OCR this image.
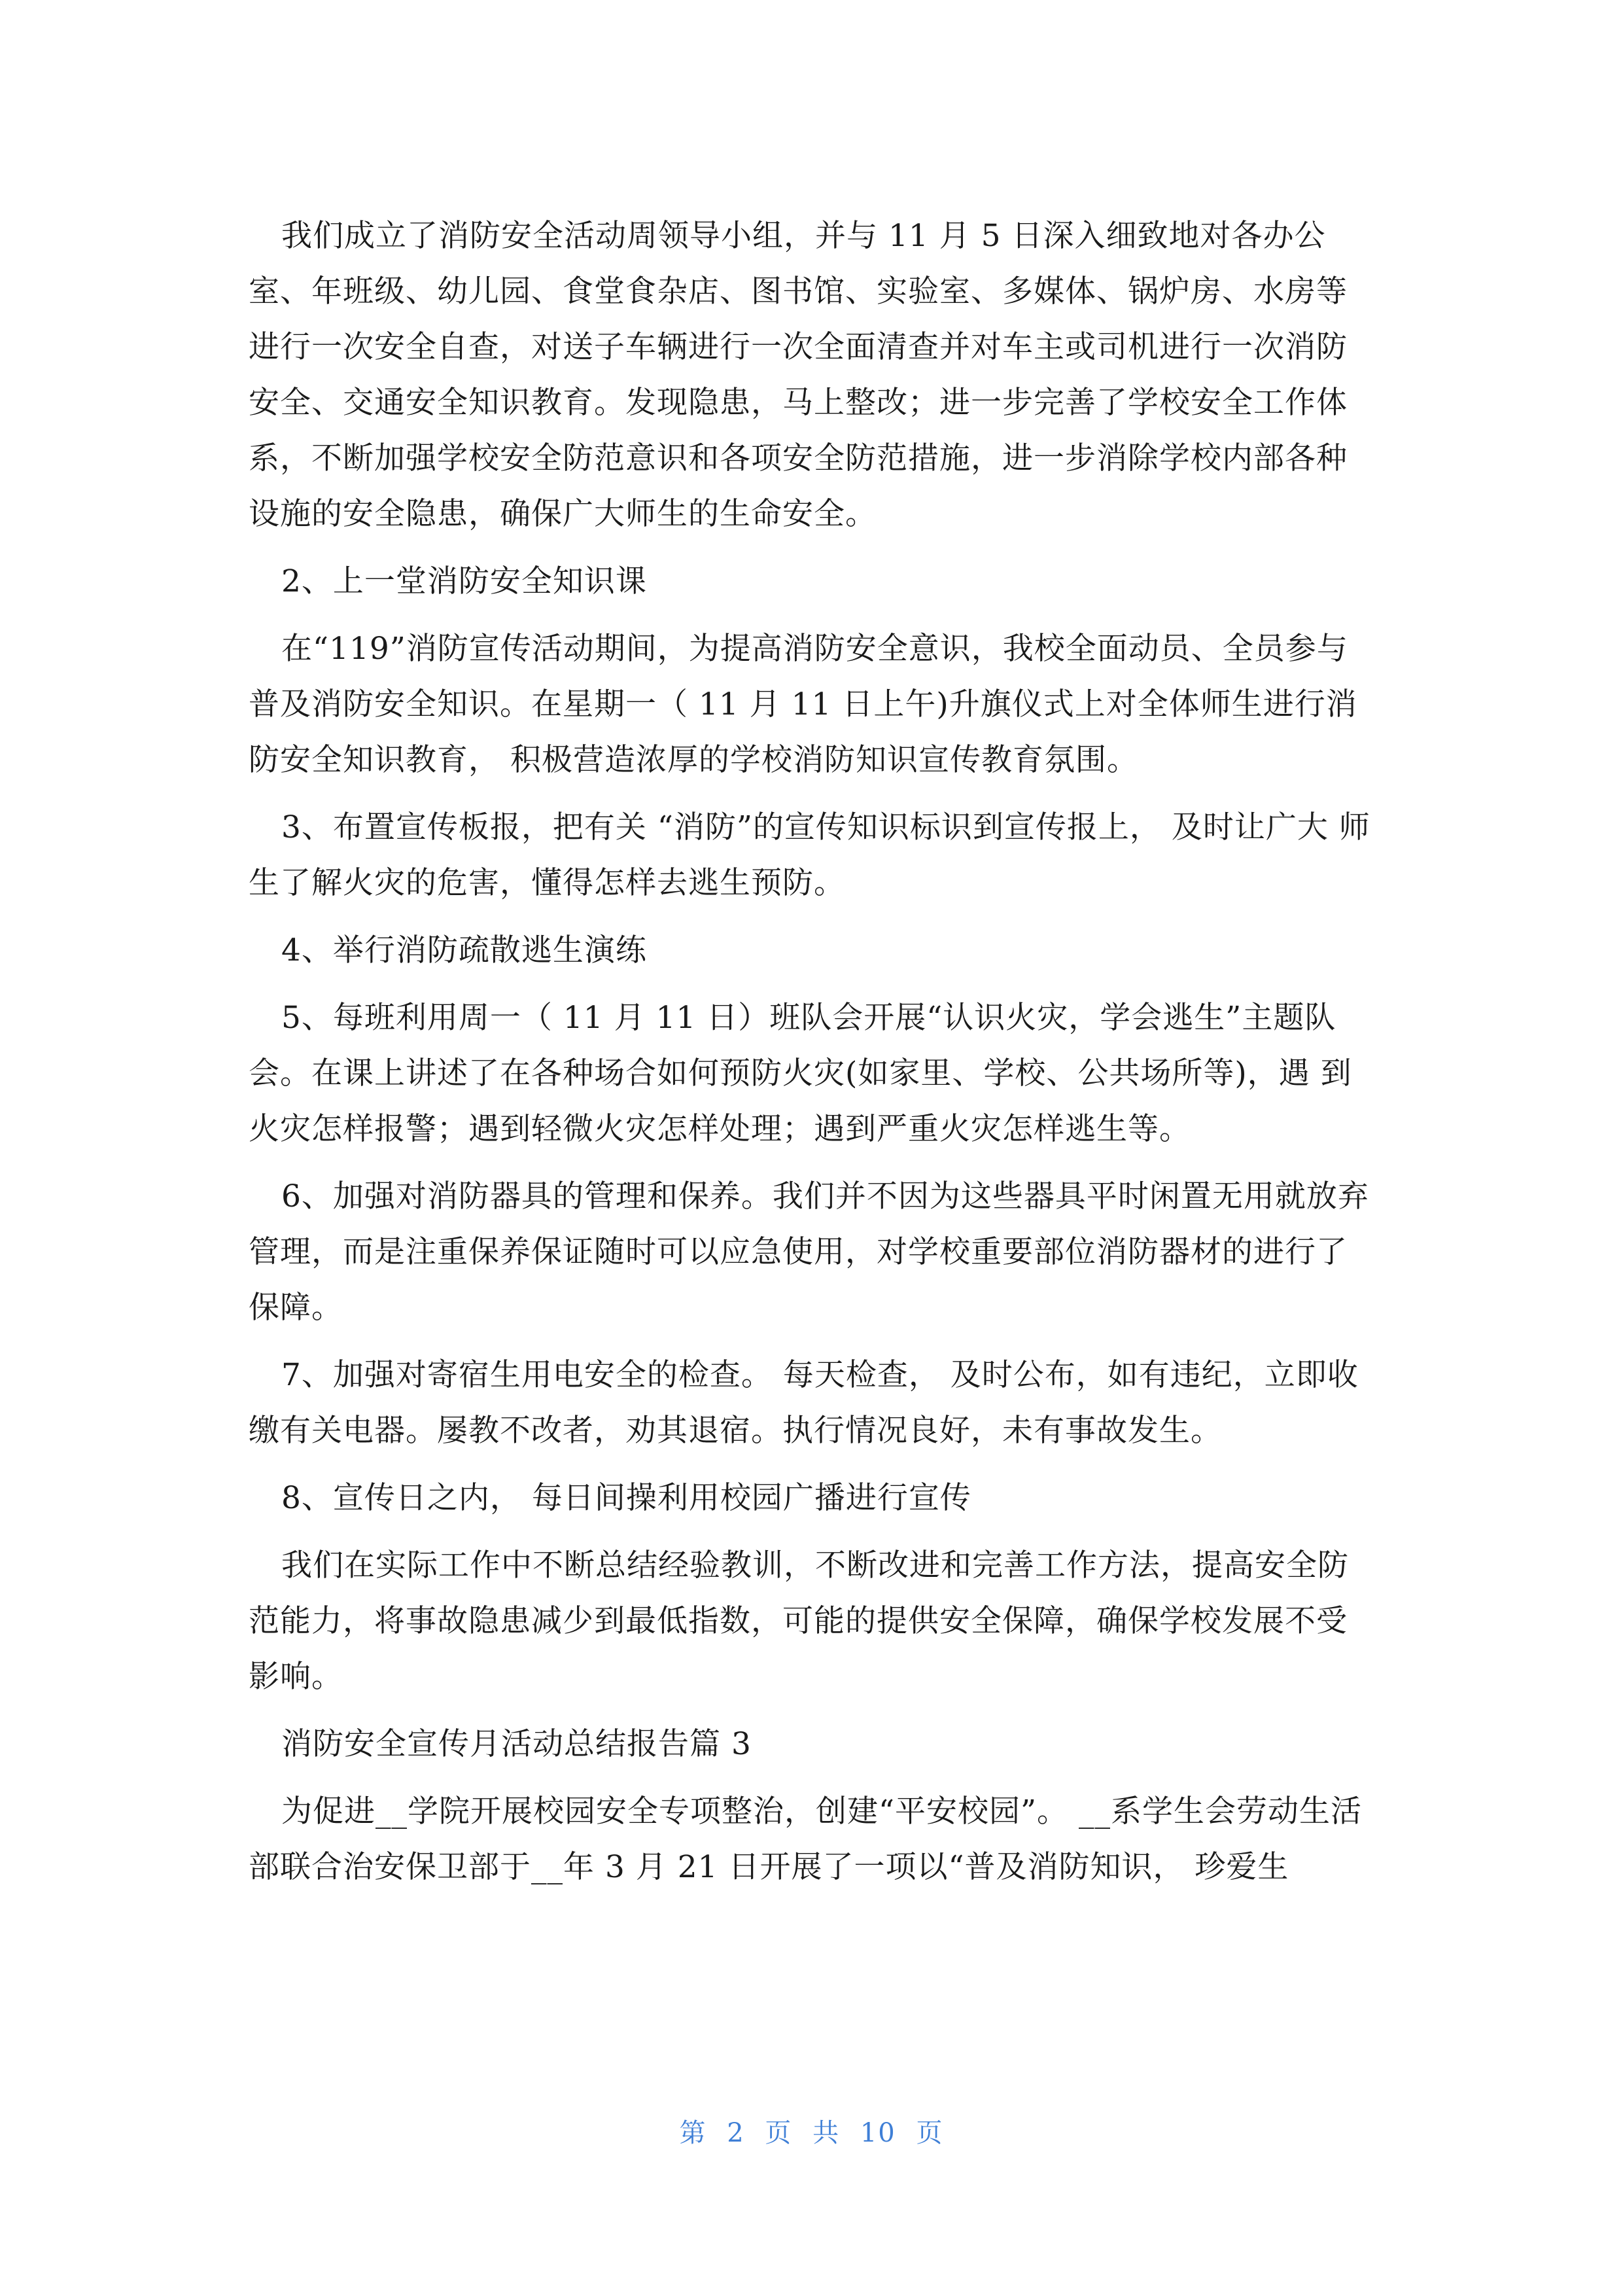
我们成立了消防安全活动周领导小组，并与 11 月 5 日深入细致地对各办公室、年班级、幼儿园、食堂食杂店、图书馆、实验室、多媒体、锅炉房、水房等进行一次安全自查，对送子车辆进行一次全面清查并对车主或司机进行一次消防安全、交通安全知识教育。发现隐患，马上整改；进一步完善了学校安全工作体系，不断加强学校安全防范意识和各项安全防范措施，进一步消除学校内部各种设施的安全隐患，确保广大师生的生命安全。

2、上一堂消防安全知识课

在“119”消防宣传活动期间，为提高消防安全意识，我校全面动员、全员参与普及消防安全知识。在星期一（ 11 月 11 日上午)升旗仪式上对全体师生进行消防安全知识教育， 积极营造浓厚的学校消防知识宣传教育氛围。

3、布置宣传板报，把有关 “消防”的宣传知识标识到宣传报上， 及时让广大 师生了解火灾的危害，懂得怎样去逃生预防。

4、举行消防疏散逃生演练

5、每班利用周一（ 11 月 11 日）班队会开展“认识火灾，学会逃生”主题队 会。在课上讲述了在各种场合如何预防火灾(如家里、学校、公共场所等)，遇 到火灾怎样报警；遇到轻微火灾怎样处理；遇到严重火灾怎样逃生等。

6、加强对消防器具的管理和保养。我们并不因为这些器具平时闲置无用就放弃管理，而是注重保养保证随时可以应急使用，对学校重要部位消防器材的进行了保障。

7、加强对寄宿生用电安全的检查。 每天检查， 及时公布，如有违纪，立即收 缴有关电器。屡教不改者，劝其退宿。执行情况良好，未有事故发生。

8、宣传日之内， 每日间操利用校园广播进行宣传

我们在实际工作中不断总结经验教训，不断改进和完善工作方法，提高安全防范能力，将事故隐患减少到最低指数，可能的提供安全保障，确保学校发展不受影响。

消防安全宣传月活动总结报告篇 3

为促进__学院开展校园安全专项整治，创建“平安校园”。 __系学生会劳动生活部联合治安保卫部于__年 3 月 21 日开展了一项以“普及消防知识， 珍爱生

第 2 页 共 10 页
